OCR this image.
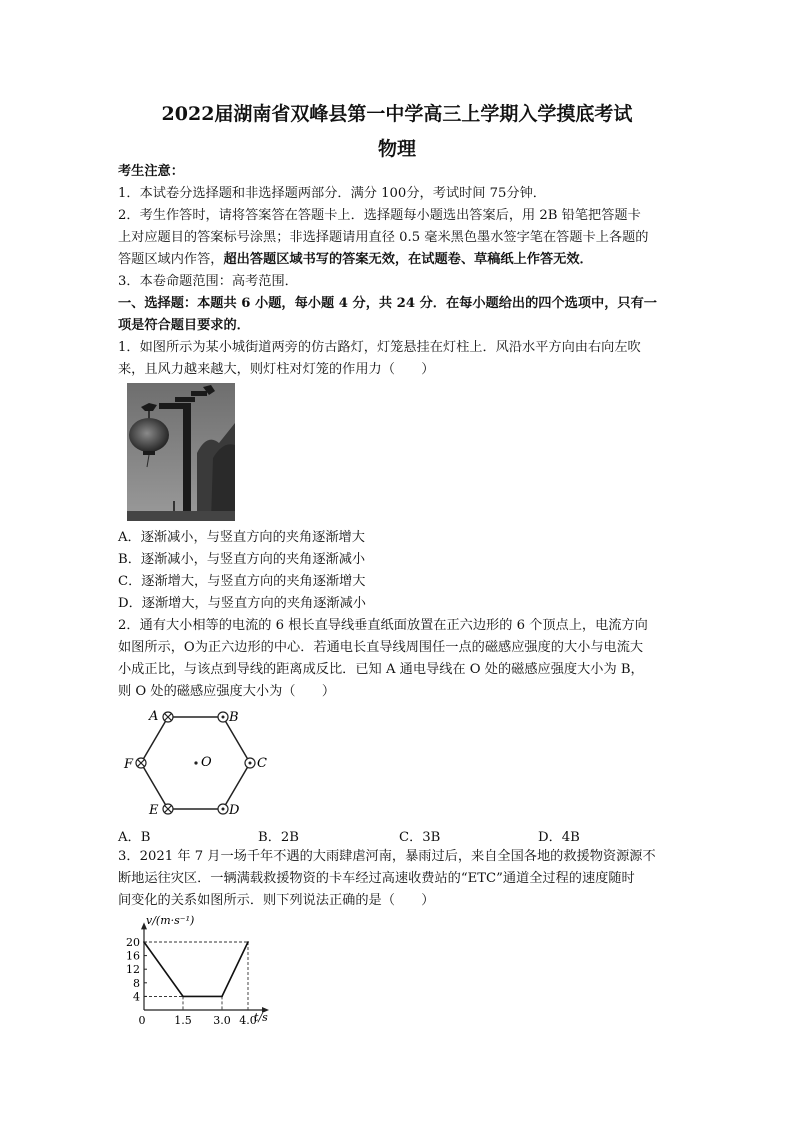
2022届湖南省双峰县第一中学高三上学期入学摸底考试
物理
考生注意：
1．本试卷分选择题和非选择题两部分．满分 100分，考试时间 75分钟．
2．考生作答时，请将答案答在答题卡上．选择题每小题选出答案后，用 2B 铅笔把答题卡
上对应题目的答案标号涂黑；非选择题请用直径 0.5 毫米黑色墨水签字笔在答题卡上各题的
答题区域内作答，超出答题区域书写的答案无效，在试题卷、草稿纸上作答无效．
3．本卷命题范围：高考范围．
一、选择题：本题共 6 小题，每小题 4 分，共 24 分．在每小题给出的四个选项中，只有一
项是符合题目要求的．
1．如图所示为某小城街道两旁的仿古路灯，灯笼悬挂在灯柱上．风沿水平方向由右向左吹
来，且风力越来越大，则灯柱对灯笼的作用力（　　）
A．逐渐减小，与竖直方向的夹角逐渐增大
B．逐渐减小，与竖直方向的夹角逐渐减小
C．逐渐增大，与竖直方向的夹角逐渐增大
D．逐渐增大，与竖直方向的夹角逐渐减小
2．通有大小相等的电流的 6 根长直导线垂直纸面放置在正六边形的 6 个顶点上，电流方向
如图所示，O为正六边形的中心．若通电长直导线周围任一点的磁感应强度的大小与电流大
小成正比，与该点到导线的距离成反比．已知 A 通电导线在 O 处的磁感应强度大小为 B，
则 O 处的磁感应强度大小为（　　）
A	B
C
D
E
F	O
A．B	B．2B	C．3B	D．4B
3．2021 年 7 月一场千年不遇的大雨肆虐河南，暴雨过后，来自全国各地的救援物资源源不
断地运往灾区．一辆满载救援物资的卡车经过高速收费站的“ETC”通道全过程的速度随时
间变化的关系如图所示．则下列说法正确的是（　　）
v/(m·s⁻¹)
t/s
4
8
12
16
20
0	1.5 3.0 4.0
